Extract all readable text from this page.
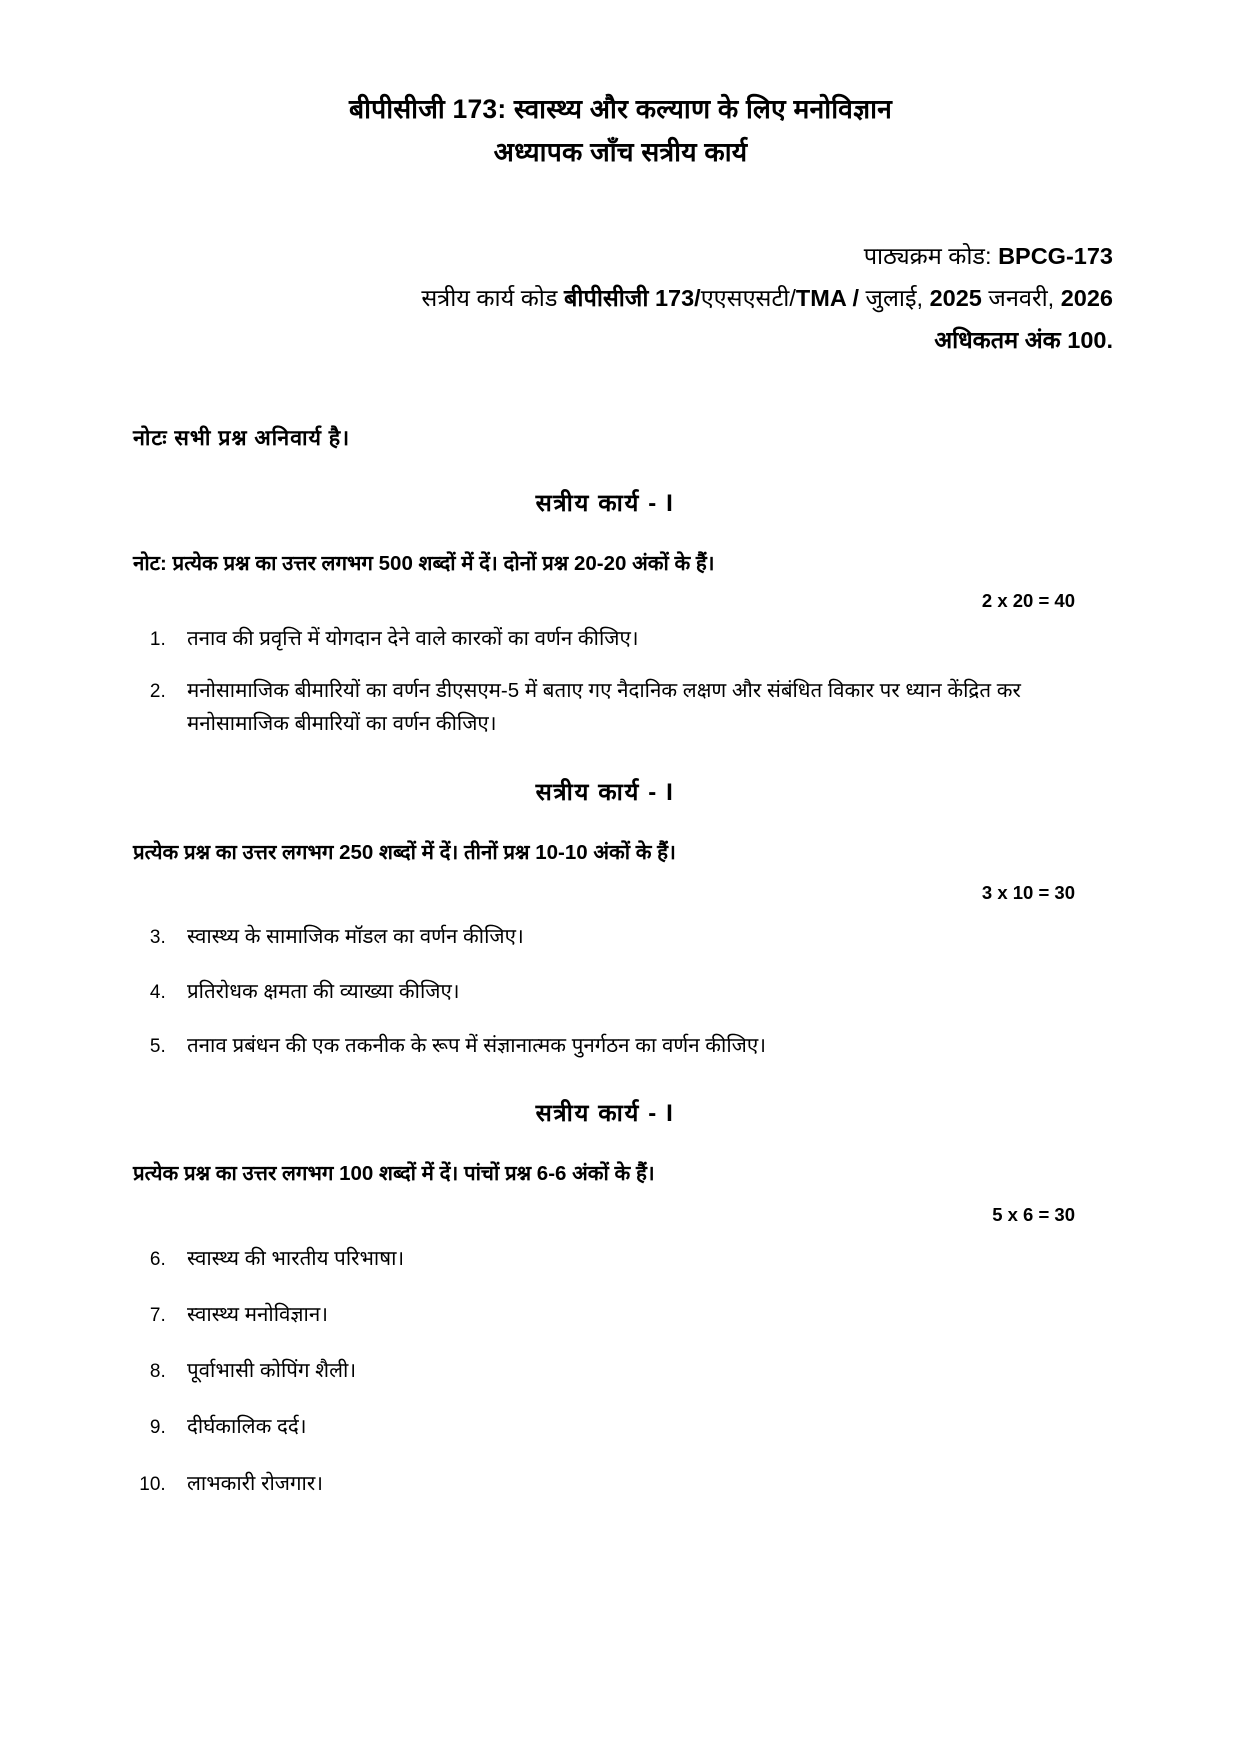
बीपीसीजी 173: स्वास्थ्य और कल्याण के लिए मनोविज्ञान
अध्यापक जाँच सत्रीय कार्य
पाठ्यक्रम कोड: BPCG-173
सत्रीय कार्य कोड बीपीसीजी 173/एएसएसटी/TMA / जुलाई, 2025 जनवरी, 2026
अधिकतम अंक 100.
नोटः सभी प्रश्न अनिवार्य है।
सत्रीय कार्य - I
नोट: प्रत्येक प्रश्न का उत्तर लगभग 500 शब्दों में दें। दोनों प्रश्न 20-20 अंकों के हैं।
2 x 20 = 40
1. तनाव की प्रवृत्ति में योगदान देने वाले कारकों का वर्णन कीजिए।
2. मनोसामाजिक बीमारियों का वर्णन डीएसएम-5 में बताए गए नैदानिक लक्षण और संबंधित विकार पर ध्यान केंद्रित कर मनोसामाजिक बीमारियों का वर्णन कीजिए।
सत्रीय कार्य - I
प्रत्येक प्रश्न का उत्तर लगभग 250 शब्दों में दें। तीनों प्रश्न 10-10 अंकों के हैं।
3 x 10 = 30
3. स्वास्थ्य के सामाजिक मॉडल का वर्णन कीजिए।
4. प्रतिरोधक क्षमता की व्याख्या कीजिए।
5. तनाव प्रबंधन की एक तकनीक के रूप में संज्ञानात्मक पुनर्गठन का वर्णन कीजिए।
सत्रीय कार्य - I
प्रत्येक प्रश्न का उत्तर लगभग 100 शब्दों में दें। पांचों प्रश्न 6-6 अंकों के हैं।
5 x 6 = 30
6. स्वास्थ्य की भारतीय परिभाषा।
7. स्वास्थ्य मनोविज्ञान।
8. पूर्वाभासी कोपिंग शैली।
9. दीर्घकालिक दर्द।
10. लाभकारी रोजगार।
